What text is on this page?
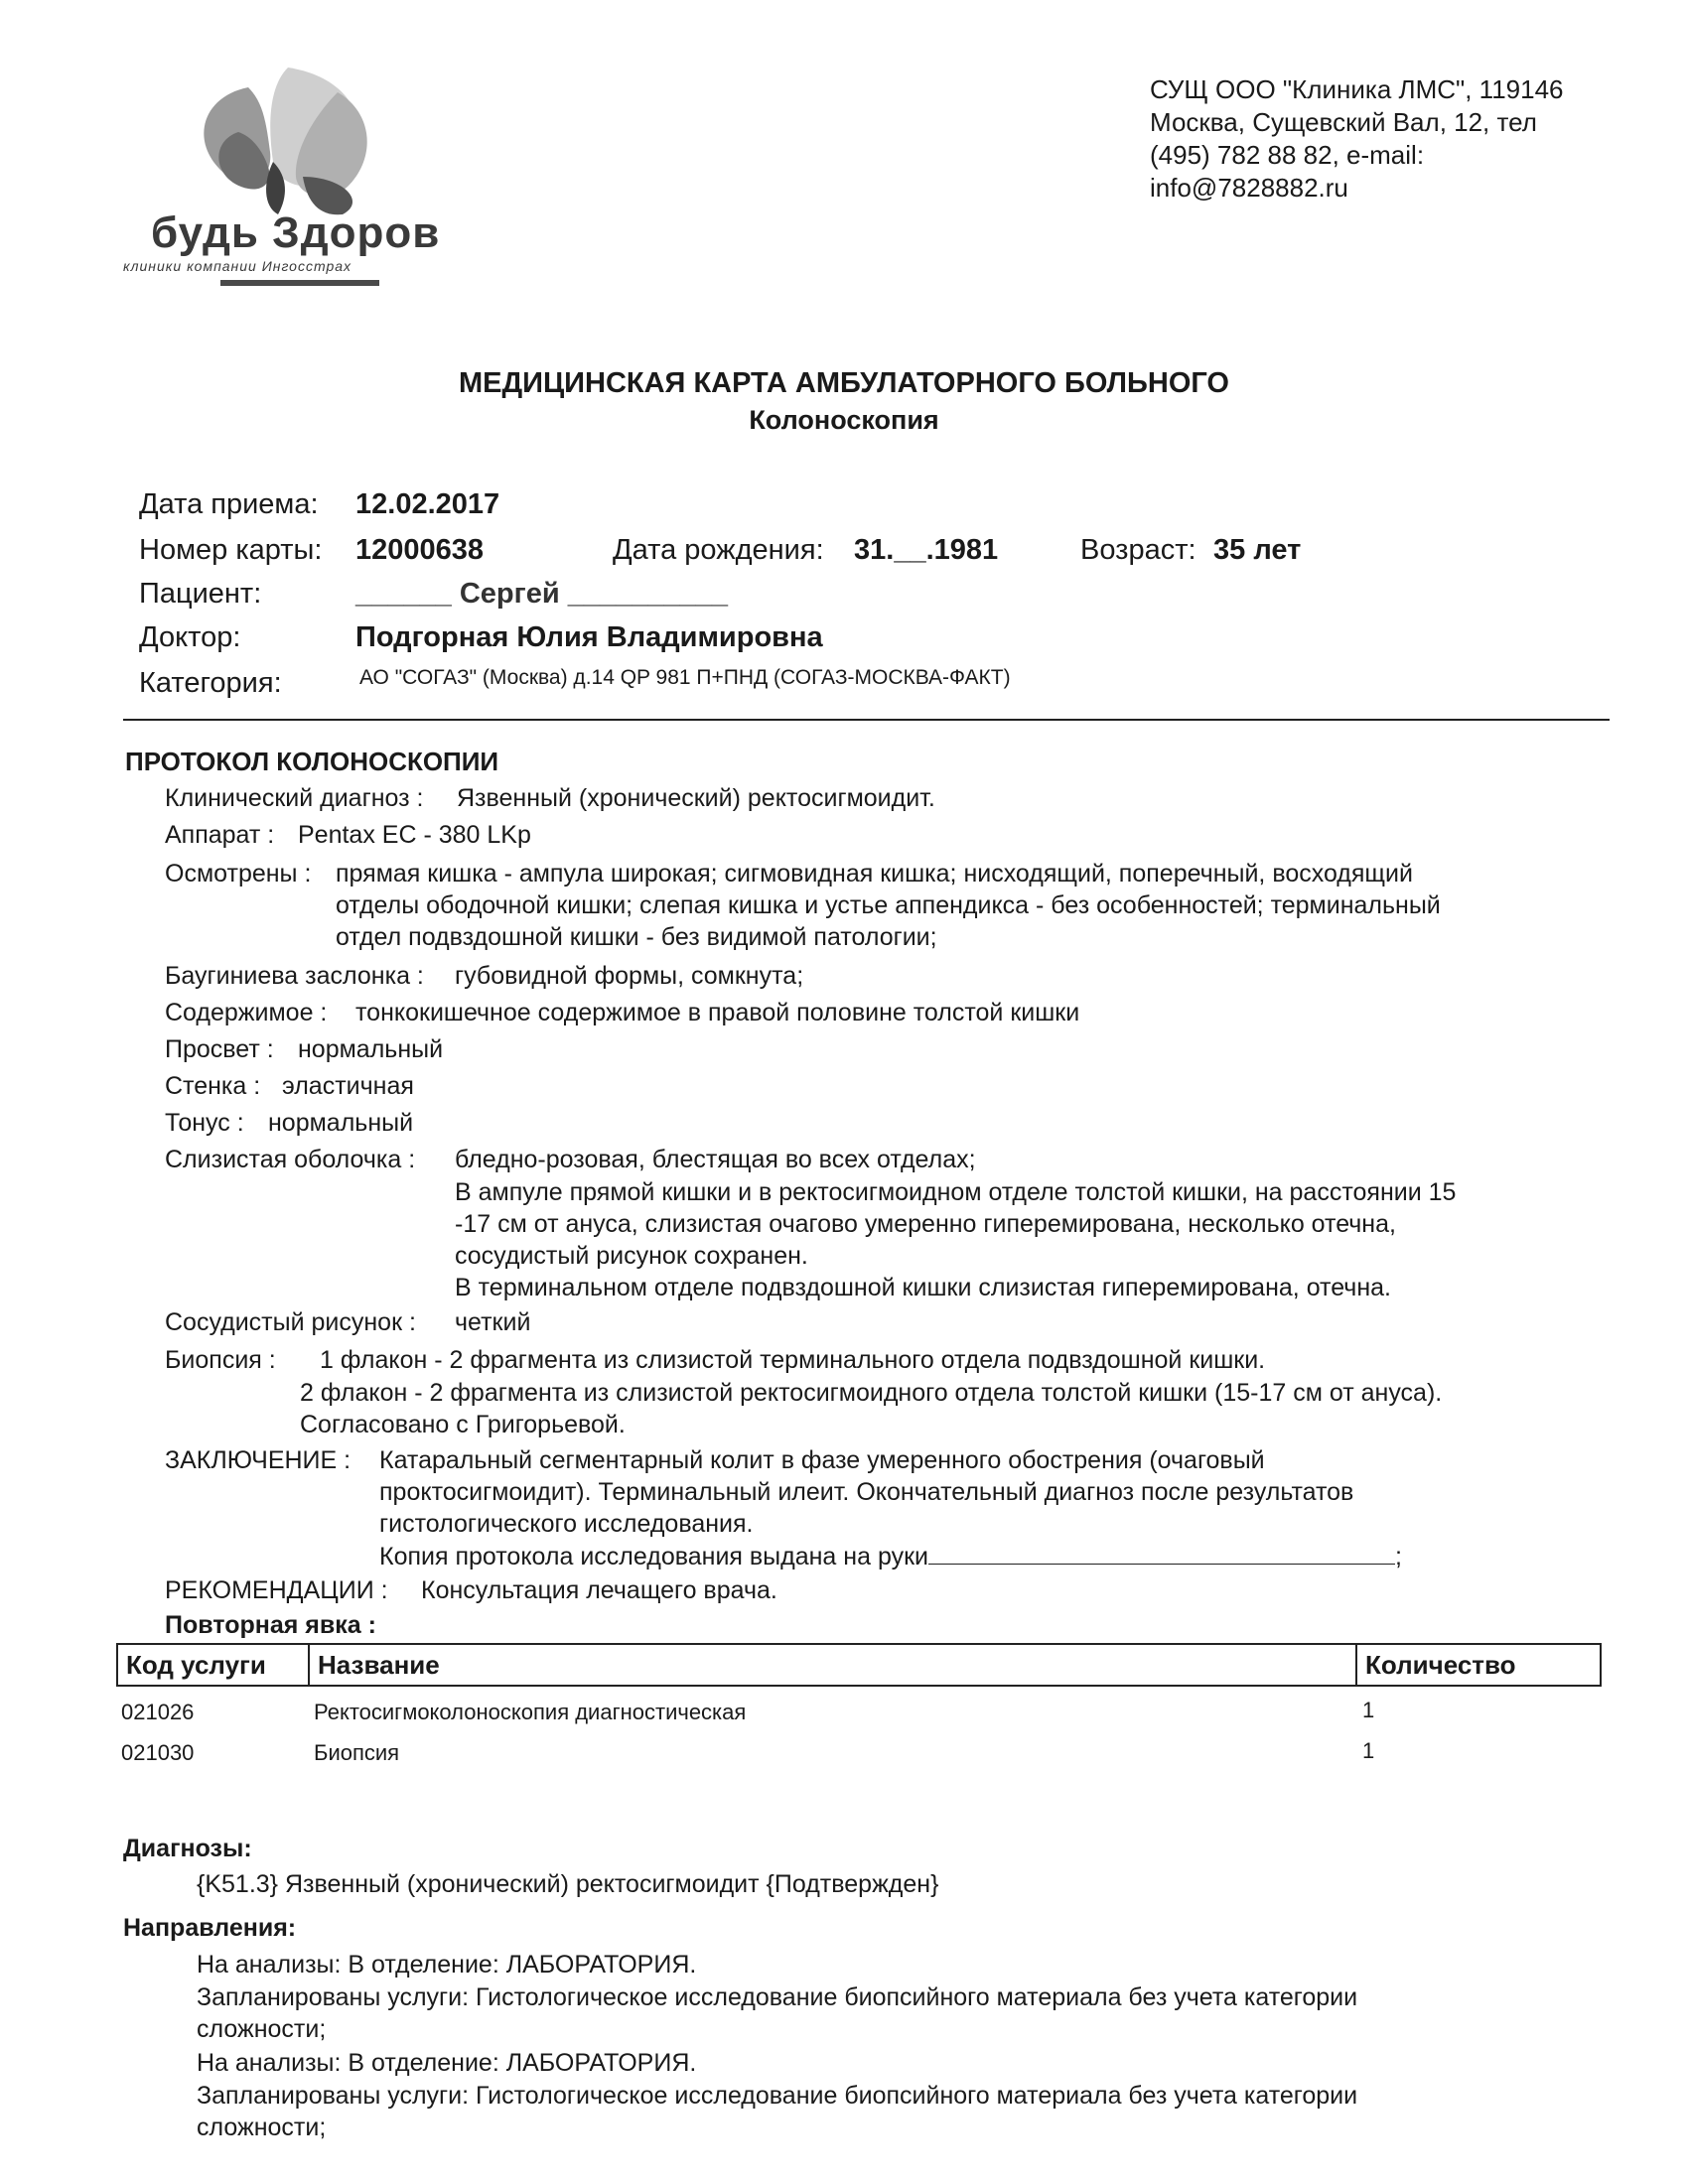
будь Здоров
клиники компании Ингосстрах
СУЩ ООО "Клиника ЛМС", 119146
Москва, Сущевский Вал, 12, тел
(495) 782 88 82, e-mail:
info@7828882.ru
МЕДИЦИНСКАЯ КАРТА АМБУЛАТОРНОГО БОЛЬНОГО
Колоноскопия
Дата приема: 12.02.2017
Номер карты: 12000638	Дата рождения: 31.__.1981	Возраст: 35 лет
Пациент:	______ Сергей __________
Доктор:	Подгорная Юлия Владимировна
Категория:	АО "СОГАЗ" (Москва) д.14 QP 981 П+ПНД (СОГАЗ-МОСКВА-ФАКТ)
ПРОТОКОЛ КОЛОНОСКОПИИ
Клинический диагноз : Язвенный (хронический) ректосигмоидит.
Аппарат : Pentax EC - 380 LKp
Осмотрены : прямая кишка - ампула широкая; сигмовидная кишка; нисходящий, поперечный, восходящий
отделы ободочной кишки; слепая кишка и устье аппендикса - без особенностей; терминальный
отдел подвздошной кишки - без видимой патологии;
Баугиниева заслонка : губовидной формы, сомкнута;
Содержимое : тонкокишечное содержимое в правой половине толстой кишки
Просвет : нормальный
Стенка : эластичная
Тонус : нормальный
Слизистая оболочка : бледно-розовая, блестящая во всех отделах;
В ампуле прямой кишки и в ректосигмоидном отделе толстой кишки, на расстоянии 15
-17 см от ануса, слизистая очагово умеренно гиперемирована, несколько отечна,
сосудистый рисунок сохранен.
В терминальном отделе подвздошной кишки слизистая гиперемирована, отечна.
Сосудистый рисунок : четкий
Биопсия : 1 флакон - 2 фрагмента из слизистой терминального отдела подвздошной кишки.
2 флакон - 2 фрагмента из слизистой ректосигмоидного отдела толстой кишки (15-17 см от ануса).
Согласовано с Григорьевой.
ЗАКЛЮЧЕНИЕ : Катаральный сегментарный колит в фазе умеренного обострения (очаговый
проктосигмоидит). Терминальный илеит. Окончательный диагноз после результатов
гистологического исследования.
Копия протокола исследования выдана на руки	;
РЕКОМЕНДАЦИИ : Консультация лечащего врача.
Повторная явка :
Код услуги	Название	Количество
021026	Ректосигмоколоноскопия диагностическая	1
021030	Биопсия	1
Диагнозы:
{K51.3} Язвенный (хронический) ректосигмоидит {Подтвержден}
Направления:
На анализы: В отделение: ЛАБОРАТОРИЯ.
Запланированы услуги: Гистологическое исследование биопсийного материала без учета категории
сложности;
На анализы: В отделение: ЛАБОРАТОРИЯ.
Запланированы услуги: Гистологическое исследование биопсийного материала без учета категории
сложности;
